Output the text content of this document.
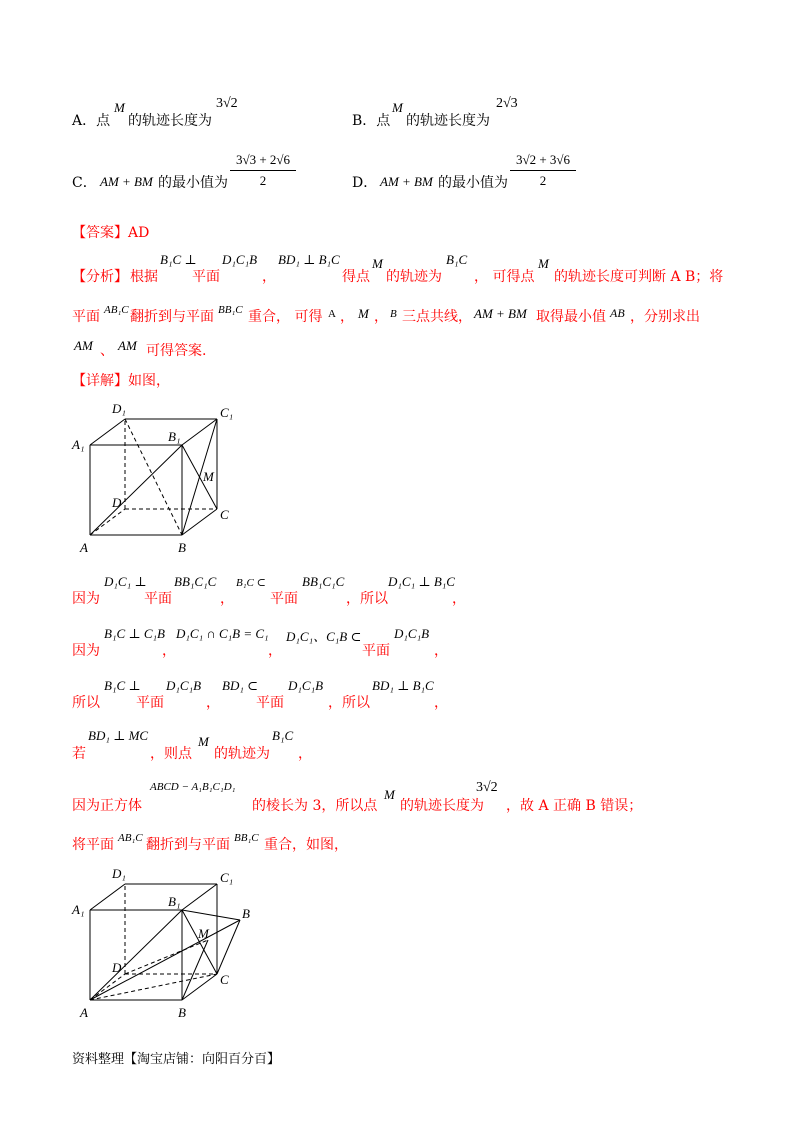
A．点
M
的轨迹长度为
3√2
B．点
M
的轨迹长度为
2√3
C． AM + BM 的最小值为 $\frac{3√3 + 2√6}{2}$	D． AM + BM 的最小值为 $\frac{3√2 + 3√6}{2}$
【答案】AD
【分析】 根据
B₁C ⊥
平面
D₁C₁B
，
BD₁ ⊥ B₁C
得点
M
的轨迹为
B₁C
， 可得点
M
的轨迹长度可判断 A B；将
平面 AB₁C 翻折到与平面 BB₁C 重合， 可得 A ， M ， B 三点共线， AM + BM 取得最小值 AB ，分别求出
AM 、 AM 可得答案.
【详解】如图，
D₁	C₁
A₁
B₁
M
D
C
A	B
因为
D₁C₁ ⊥
平面
BB₁C₁C
，
B₁C ⊂
平面
BB₁C₁C
，所以
D₁C₁ ⊥ B₁C
，
因为
B₁C ⊥ C₁B
，
D₁C₁ ∩ C₁B = C₁
，
D₁C₁、C₁B ⊂
平面
D₁C₁B
，
所以
B₁C ⊥
平面
D₁C₁B
，
BD₁ ⊂
平面
D₁C₁B
，所以
BD₁ ⊥ B₁C
，
若
BD₁ ⊥ MC
，则点
M
的轨迹为
B₁C
，
因为正方体
ABCD − A₁B₁C₁D₁
的棱长为 3，所以点
M
的轨迹长度为
3√2
，故 A 正确 B 错误；
将平面 AB₁C 翻折到与平面 BB₁C 重合，如图，
D₁	C₁
A₁
B₁
B
M
D
C
A	B
资料整理【淘宝店铺：向阳百分百】
